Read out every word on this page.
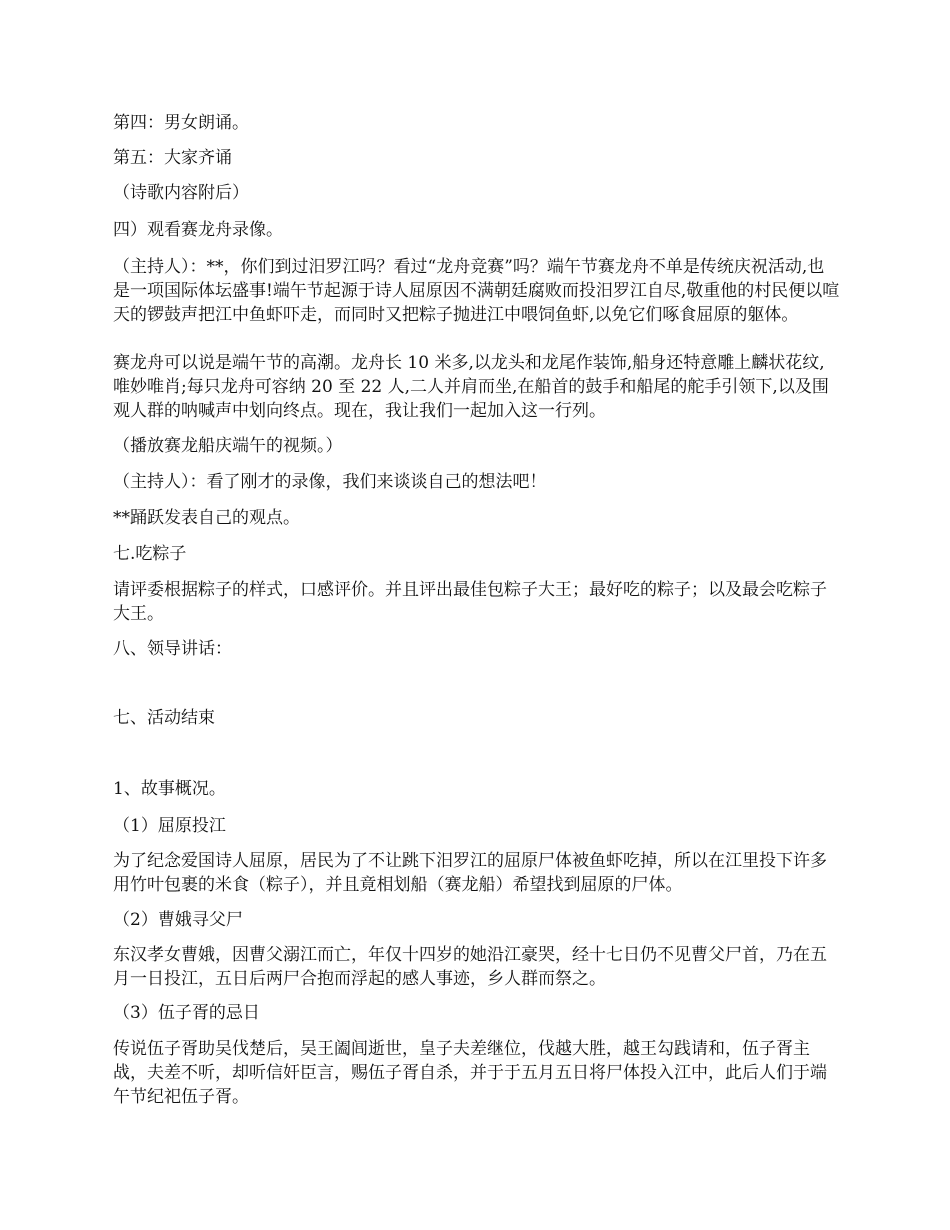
第四：男女朗诵。

第五：大家齐诵

（诗歌内容附后）

四）观看赛龙舟录像。

（主持人）：**，你们到过汨罗江吗？看过“龙舟竞赛”吗？端午节赛龙舟不单是传统庆祝活动,也是一项国际体坛盛事!端午节起源于诗人屈原因不满朝廷腐败而投汨罗江自尽,敬重他的村民便以喧天的锣鼓声把江中鱼虾吓走，而同时又把粽子抛进江中喂饲鱼虾,以免它们啄食屈原的躯体。

赛龙舟可以说是端午节的高潮。龙舟长 10 米多,以龙头和龙尾作装饰,船身还特意雕上麟状花纹,唯妙唯肖;每只龙舟可容纳 20 至 22 人,二人并肩而坐,在船首的鼓手和船尾的舵手引领下,以及围观人群的呐喊声中划向终点。现在，我让我们一起加入这一行列。

（播放赛龙船庆端午的视频。）

（主持人）：看了刚才的录像，我们来谈谈自己的想法吧！

**踊跃发表自己的观点。

七.吃粽子

请评委根据粽子的样式，口感评价。并且评出最佳包粽子大王；最好吃的粽子；以及最会吃粽子大王。

八、领导讲话：

七、活动结束

1、故事概况。

（1）屈原投江

为了纪念爱国诗人屈原，居民为了不让跳下汨罗江的屈原尸体被鱼虾吃掉，所以在江里投下许多用竹叶包裹的米食（粽子），并且竟相划船（赛龙船）希望找到屈原的尸体。

（2）曹娥寻父尸

东汉孝女曹娥，因曹父溺江而亡，年仅十四岁的她沿江豪哭，经十七日仍不见曹父尸首，乃在五月一日投江，五日后两尸合抱而浮起的感人事迹，乡人群而祭之。

（3）伍子胥的忌日

传说伍子胥助吴伐楚后，吴王阖闾逝世，皇子夫差继位，伐越大胜，越王勾践请和，伍子胥主战，夫差不听，却听信奸臣言，赐伍子胥自杀，并于于五月五日将尸体投入江中，此后人们于端午节纪祀伍子胥。
